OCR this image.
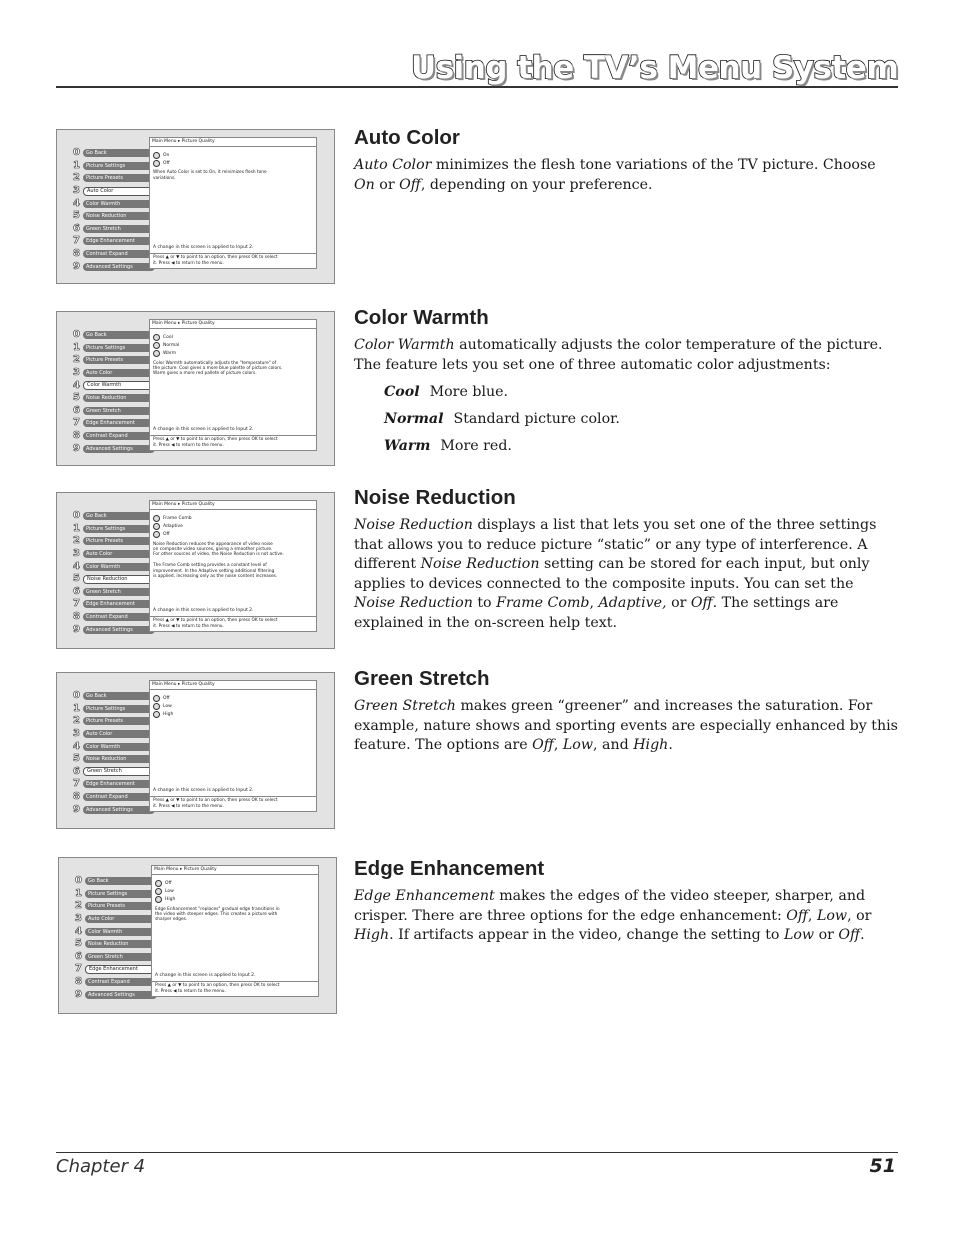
Using the TV’s Menu System
0	Go Back
1	Picture Settings
2	Picture Presets
3	Auto Color
4	Color Warmth
5	Noise Reduction
6	Green Stretch
7	Edge Enhancement
8	Contrast Expand
9	Advanced Settings
Main Menu ▸ Picture Quality
On
Off
When Auto Color is set to On, it minimizes flesh tone
variations.
A change in this screen is applied to Input 2.
Press ▲ or ▼ to point to an option, then press OK to select
it. Press ◀ to return to the menu.
0	Go Back
1	Picture Settings
2	Picture Presets
3	Auto Color
4	Color Warmth
5	Noise Reduction
6	Green Stretch
7	Edge Enhancement
8	Contrast Expand
9	Advanced Settings
Main Menu ▸ Picture Quality
Cool
Normal
Warm
Color Warmth automatically adjusts the "temperature" of
the picture. Cool gives a more blue palette of picture colors.
Warm gives a more red pallete of picture colors.
A change in this screen is applied to Input 2.
Press ▲ or ▼ to point to an option, then press OK to select
it. Press ◀ to return to the menu.
0	Go Back
1	Picture Settings
2	Picture Presets
3	Auto Color
4	Color Warmth
5	Noise Reduction
6	Green Stretch
7	Edge Enhancement
8	Contrast Expand
9	Advanced Settings
Main Menu ▸ Picture Quality
Frame Comb
Adaptive
Off
Noise Reduction reduces the appearance of video noise
on composite video sources, giving a smoother picture.
For other sources of video, the Noise Reduction is not active.

The Frame Comb setting provides a constant level of
improvement. In the Adaptive setting additional filtering
is applied, increasing only as the noise content increases.
A change in this screen is applied to Input 2.
Press ▲ or ▼ to point to an option, then press OK to select
it. Press ◀ to return to the menu.
0	Go Back
1	Picture Settings
2	Picture Presets
3	Auto Color
4	Color Warmth
5	Noise Reduction
6	Green Stretch
7	Edge Enhancement
8	Contrast Expand
9	Advanced Settings
Main Menu ▸ Picture Quality
Off
Low
High
A change in this screen is applied to Input 2.
Press ▲ or ▼ to point to an option, then press OK to select
it. Press ◀ to return to the menu.
0	Go Back
1	Picture Settings
2	Picture Presets
3	Auto Color
4	Color Warmth
5	Noise Reduction
6	Green Stretch
7	Edge Enhancement
8	Contrast Expand
9	Advanced Settings
Main Menu ▸ Picture Quality
Off
Low
High
Edge Enhancement "replaces" gradual edge transitions in
the video with steeper edges. This creates a picture with
sharper edges.
A change in this screen is applied to Input 2.
Press ▲ or ▼ to point to an option, then press OK to select
it. Press ◀ to return to the menu.
Auto Color

Auto Color minimizes the flesh tone variations of the TV picture. Choose On or Off, depending on your preference.

Color Warmth

Color Warmth automatically adjusts the color temperature of the picture. The feature lets you set one of three automatic color adjustments:

Cool More blue.
Normal Standard picture color.
Warm More red.
Noise Reduction

Noise Reduction displays a list that lets you set one of the three settings that allows you to reduce picture “static” or any type of interference. A different Noise Reduction setting can be stored for each input, but only applies to devices connected to the composite inputs. You can set the Noise Reduction to Frame Comb, Adaptive, or Off. The settings are explained in the on-screen help text.

Green Stretch

Green Stretch makes green “greener” and increases the saturation. For example, nature shows and sporting events are especially enhanced by this feature. The options are Off, Low, and High.

Edge Enhancement

Edge Enhancement makes the edges of the video steeper, sharper, and crisper. There are three options for the edge enhancement: Off, Low, or High. If artifacts appear in the video, change the setting to Low or Off.

Chapter 4	51
